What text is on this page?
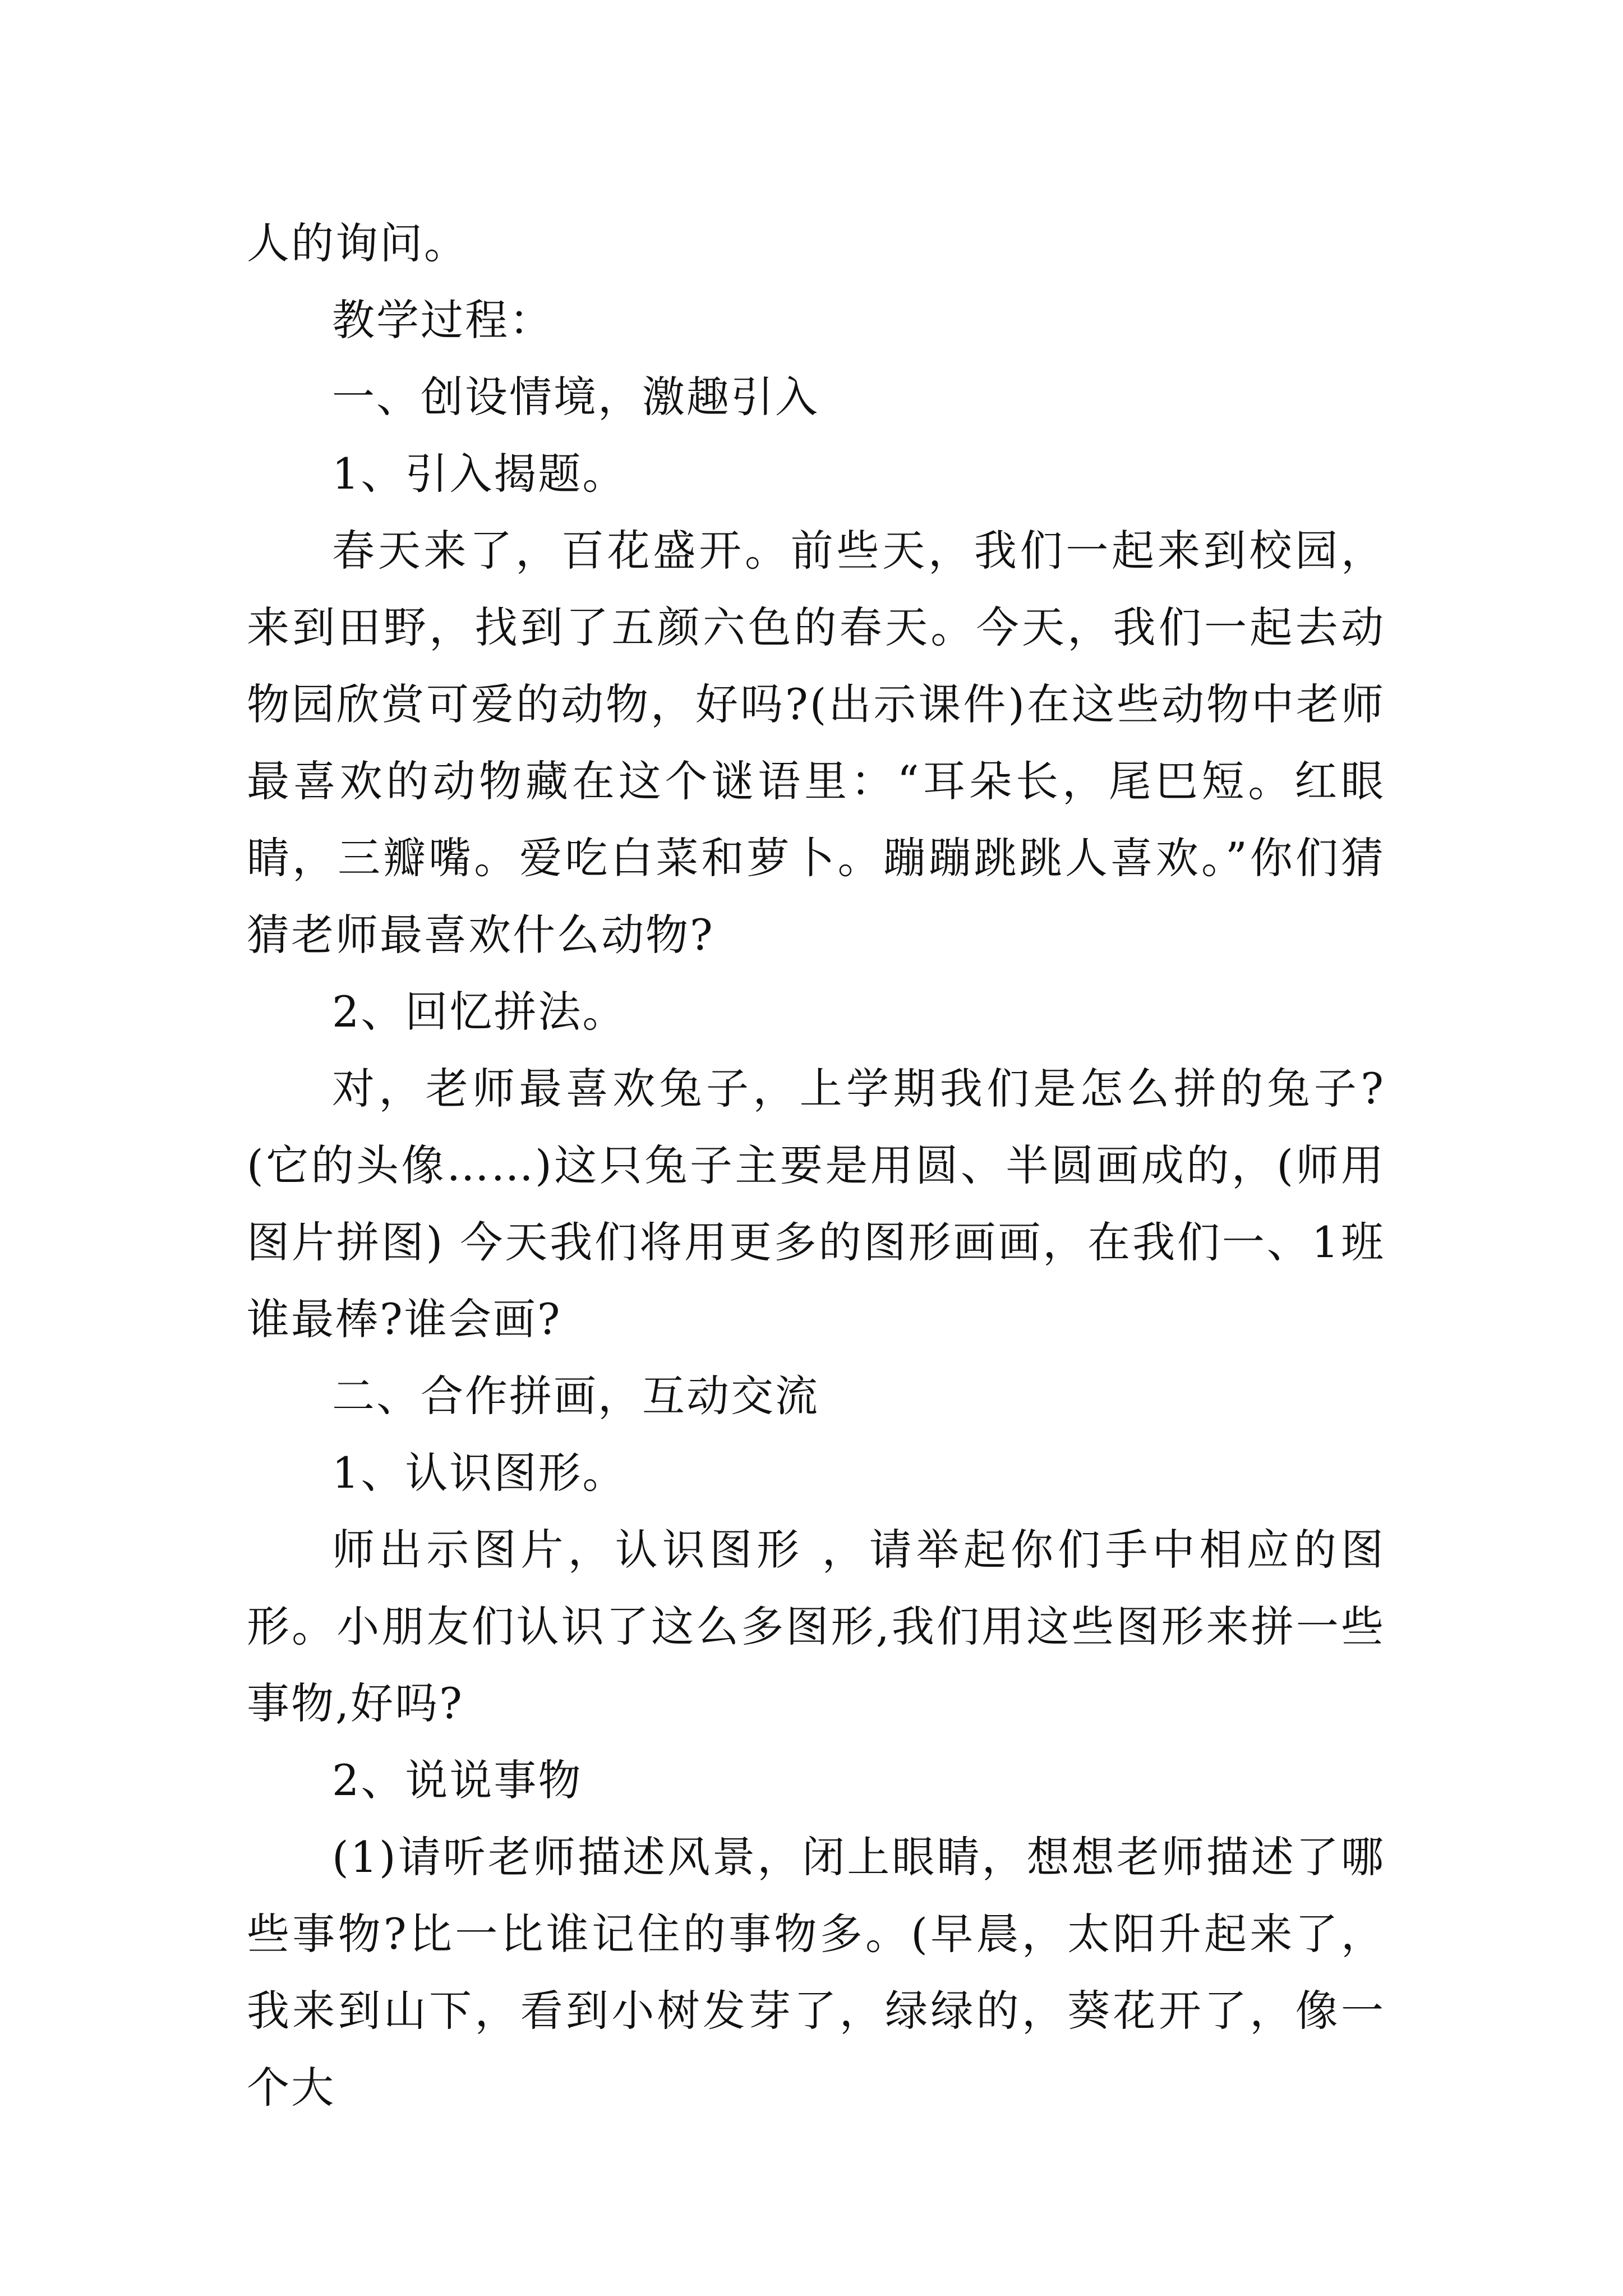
人的询问。

教学过程：

一、创设情境，激趣引入

1、引入揭题。

春天来了，百花盛开。前些天，我们一起来到校园，来到田野，找到了五颜六色的春天。今天，我们一起去动物园欣赏可爱的动物，好吗?(出示课件)在这些动物中老师最喜欢的动物藏在这个谜语里：“耳朵长，尾巴短。红眼睛，三瓣嘴。爱吃白菜和萝卜。蹦蹦跳跳人喜欢。”你们猜猜老师最喜欢什么动物?

2、回忆拼法。

对，老师最喜欢兔子，上学期我们是怎么拼的兔子?(它的头像……)这只兔子主要是用圆、半圆画成的，(师用图片拼图) 今天我们将用更多的图形画画，在我们一、1班谁最棒?谁会画?

二、合作拼画，互动交流

1、认识图形。

师出示图片，认识图形 ，请举起你们手中相应的图形。小朋友们认识了这么多图形,我们用这些图形来拼一些事物,好吗?

2、说说事物

(1)请听老师描述风景，闭上眼睛，想想老师描述了哪些事物?比一比谁记住的事物多。(早晨，太阳升起来了，我来到山下，看到小树发芽了，绿绿的，葵花开了，像一个大
